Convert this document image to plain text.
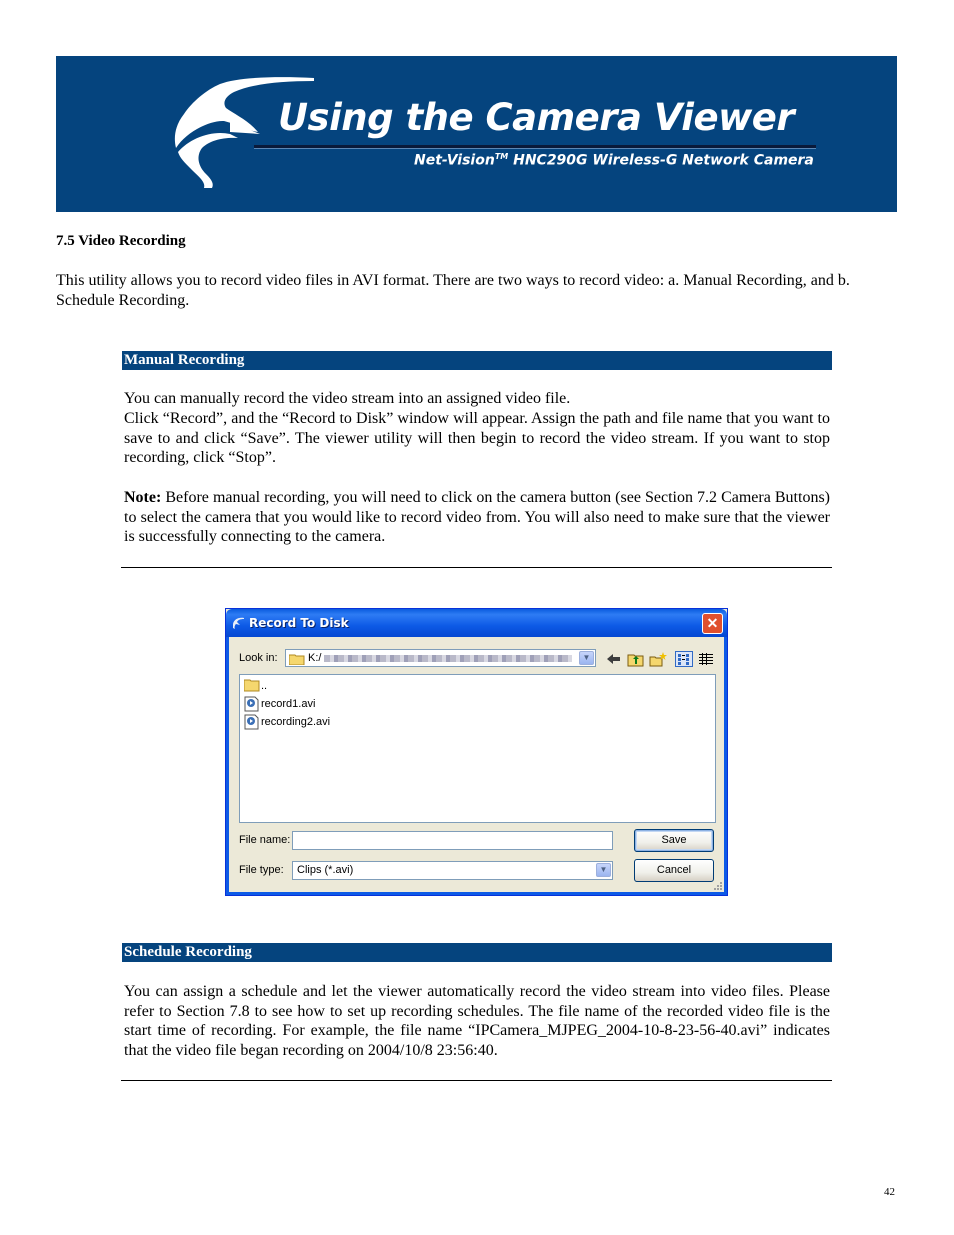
Using the Camera Viewer
Net-Vision™ HNC290G Wireless-G Network Camera
7.5 Video Recording

This utility allows you to record video files in AVI format. There are two ways to record video: a. Manual Recording, and b. Schedule Recording.

Manual Recording

You can manually record the video stream into an assigned video file.

Click “Record”, and the “Record to Disk” window will appear. Assign the path and file name that you want to save to and click “Save”. The viewer utility will then begin to record the video stream. If you want to stop recording, click “Stop”.

Note: Before manual recording, you will need to click on the camera button (see Section 7.2 Camera Buttons) to select the camera that you would like to record video from. You will also need to make sure that the viewer is successfully connecting to the camera.

Record To Disk	✕
Look in:	K:/	▼
..
record1.avi
recording2.avi
File name:	Save
File type: Clips (*.avi)	▼	Cancel
Schedule Recording

You can assign a schedule and let the viewer automatically record the video stream into video files. Please refer to Section 7.8 to see how to set up recording schedules. The file name of the recorded video file is the start time of recording. For example, the file name “IPCamera_MJPEG_2004-10-8-23-56-40.avi” indicates that the video file began recording on 2004/10/8 23:56:40.

42
